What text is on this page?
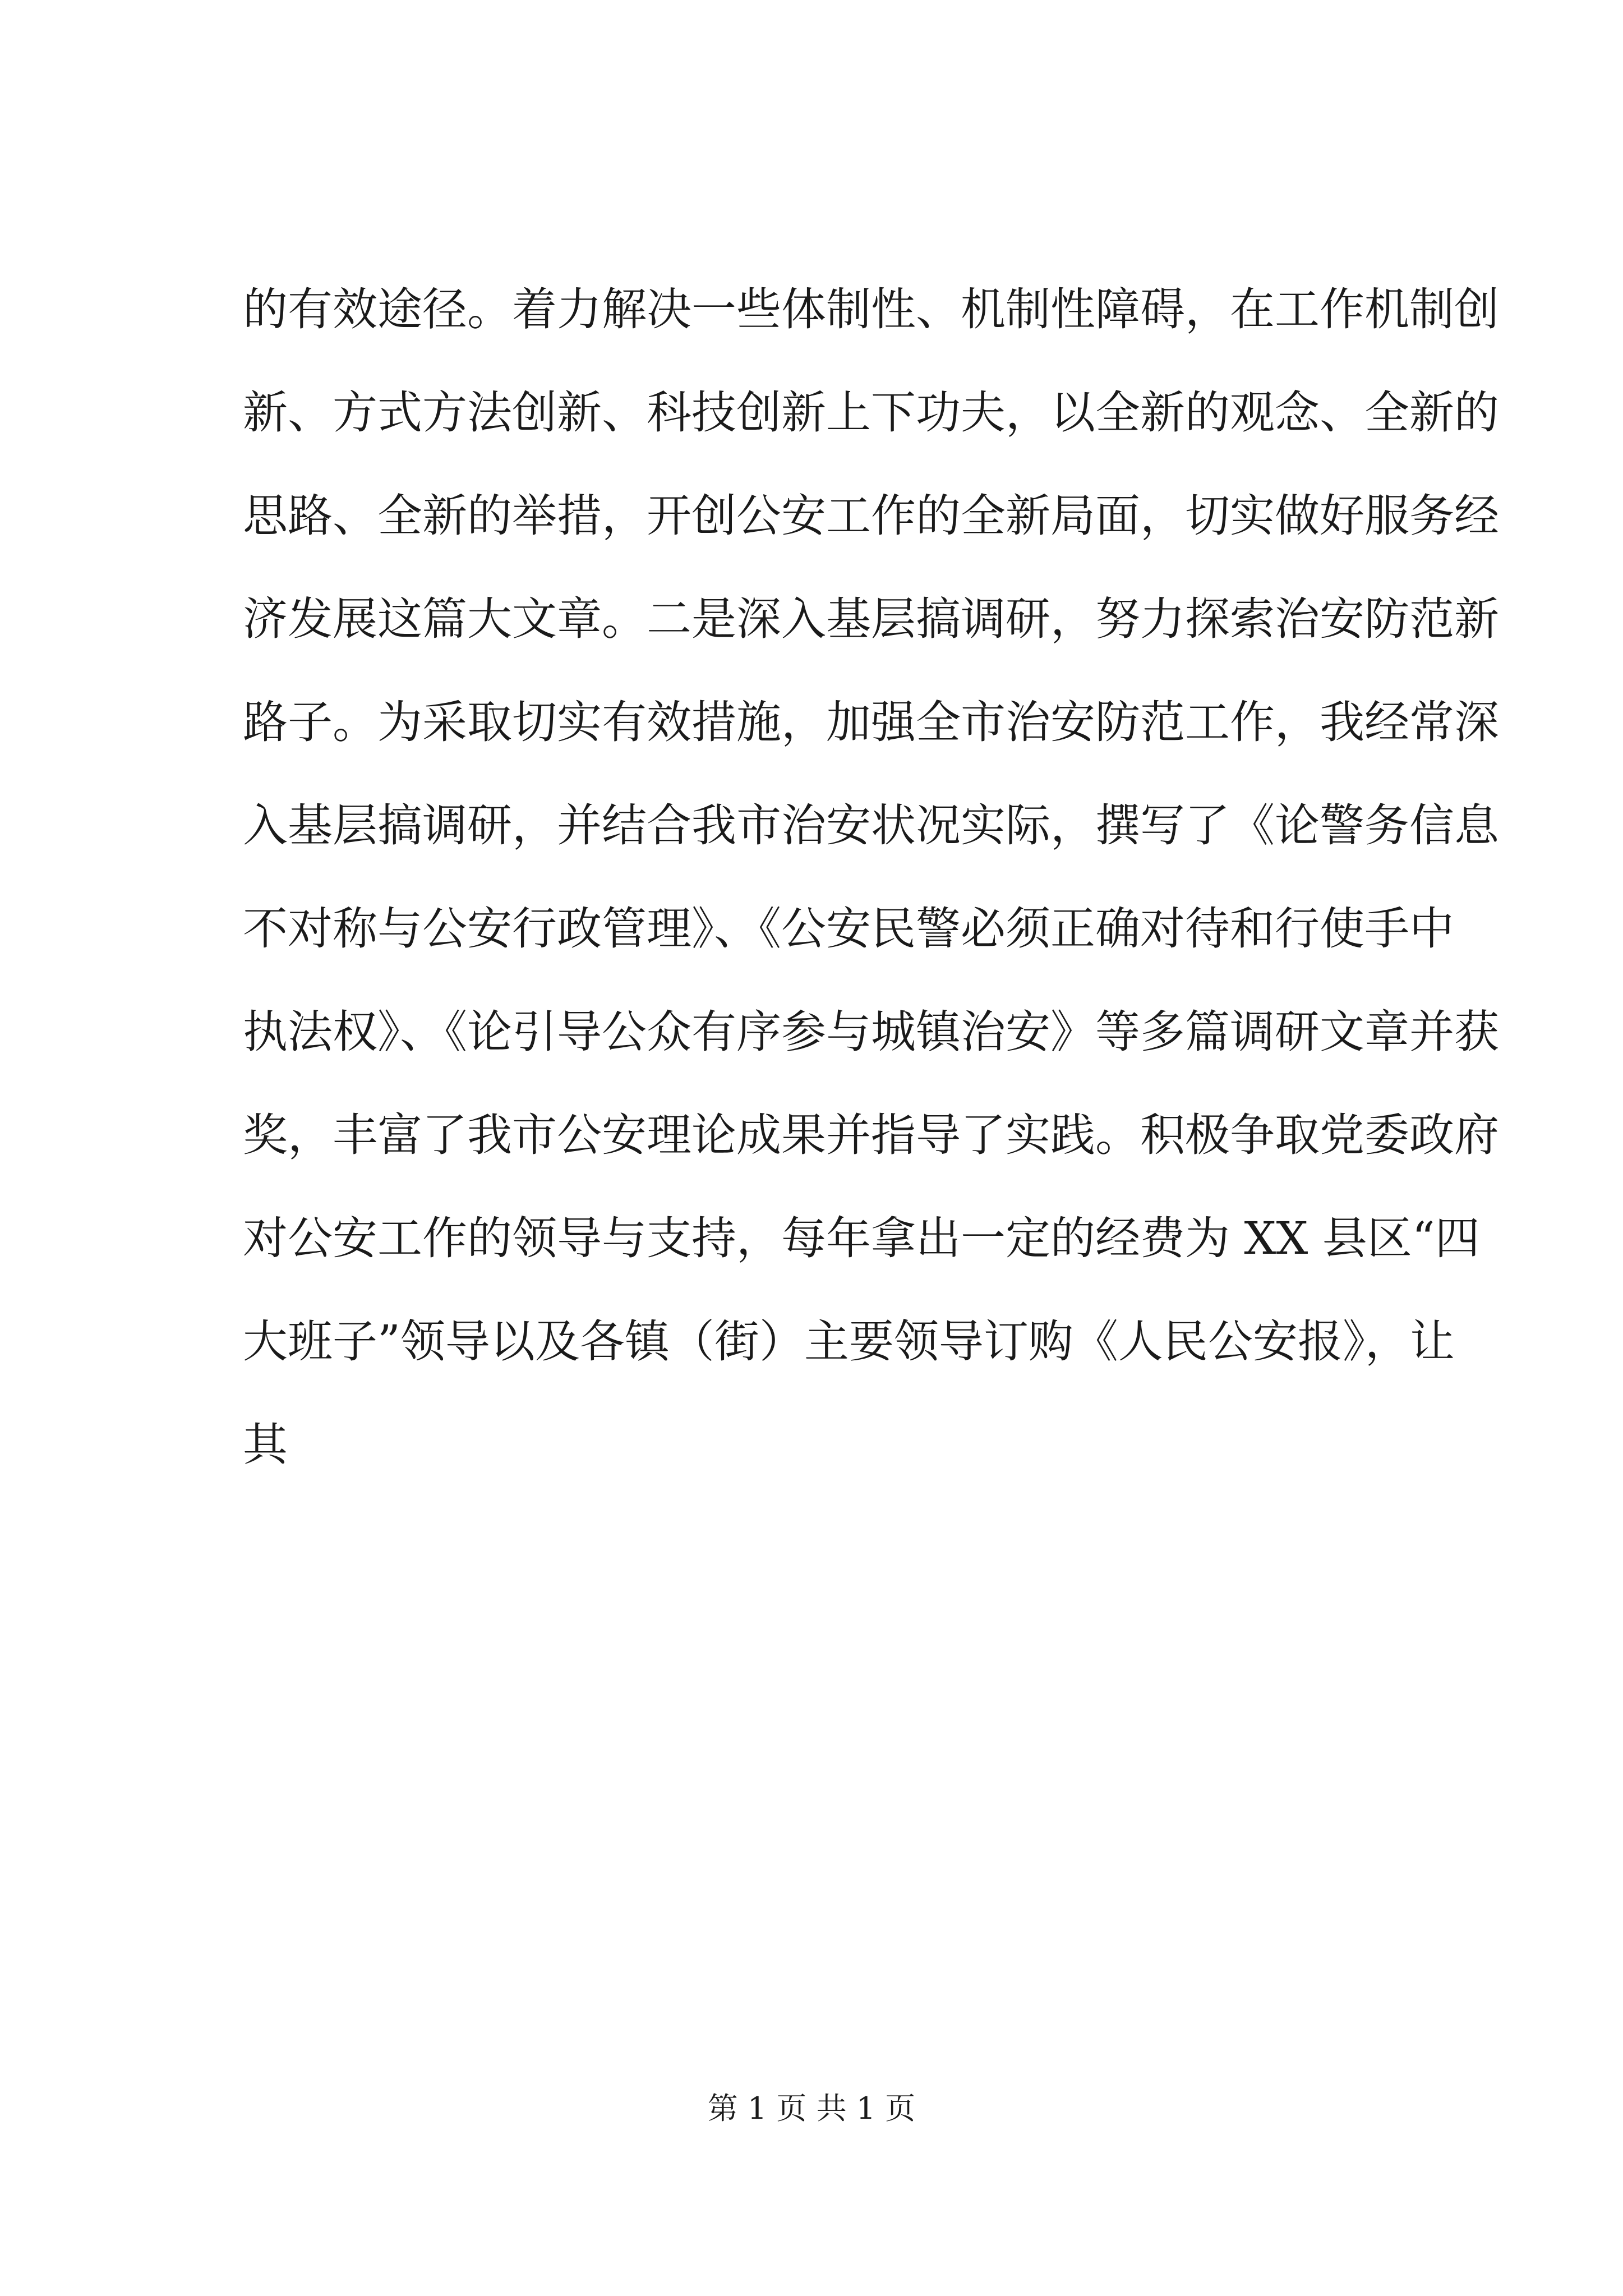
的有效途径。着力解决一些体制性、机制性障碍，在工作机制创
新、方式方法创新、科技创新上下功夫，以全新的观念、全新的
思路、全新的举措，开创公安工作的全新局面，切实做好服务经
济发展这篇大文章。二是深入基层搞调研，努力探索治安防范新
路子。为采取切实有效措施，加强全市治安防范工作，我经常深
入基层搞调研，并结合我市治安状况实际，撰写了《论警务信息
不对称与公安行政管理》、《公安民警必须正确对待和行使手中
执法权》、《论引导公众有序参与城镇治安》等多篇调研文章并获
奖，丰富了我市公安理论成果并指导了实践。积极争取党委政府
对公安工作的领导与支持，每年拿出一定的经费为 XX 县区“四
大班子”领导以及各镇（街）主要领导订购《人民公安报》，让
其
第 1 页 共 1 页
